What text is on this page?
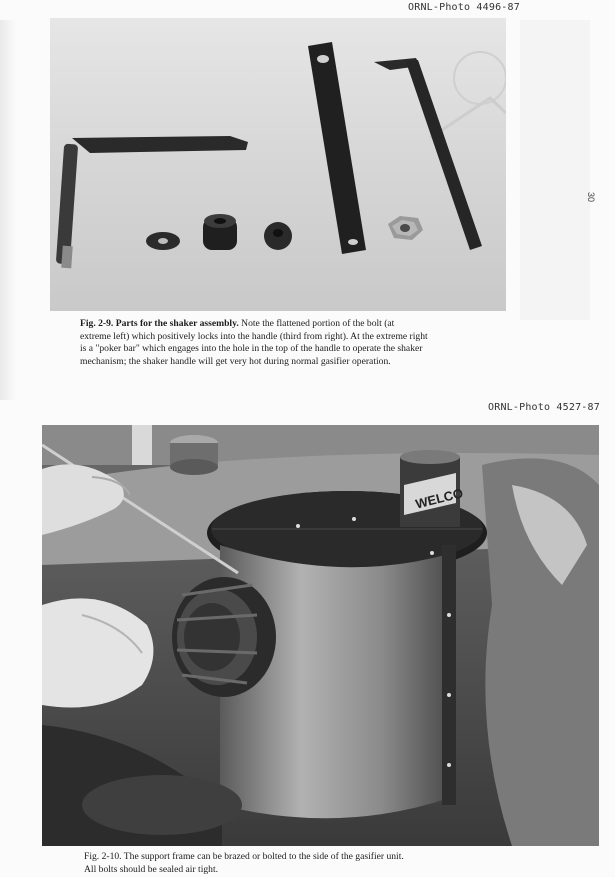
ORNL-Photo 4496-87
30
Fig. 2-9. Parts for the shaker assembly. Note the flattened portion of the bolt (at
extreme left) which positively locks into the handle (third from right). At the extreme right
is a "poker bar" which engages into the hole in the top of the handle to operate the shaker
mechanism; the shaker handle will get very hot during normal gasifier operation.
ORNL-Photo 4527-87
WELCO
Fig. 2-10. The support frame can be brazed or bolted to the side of the gasifier unit.
All bolts should be sealed air tight.
